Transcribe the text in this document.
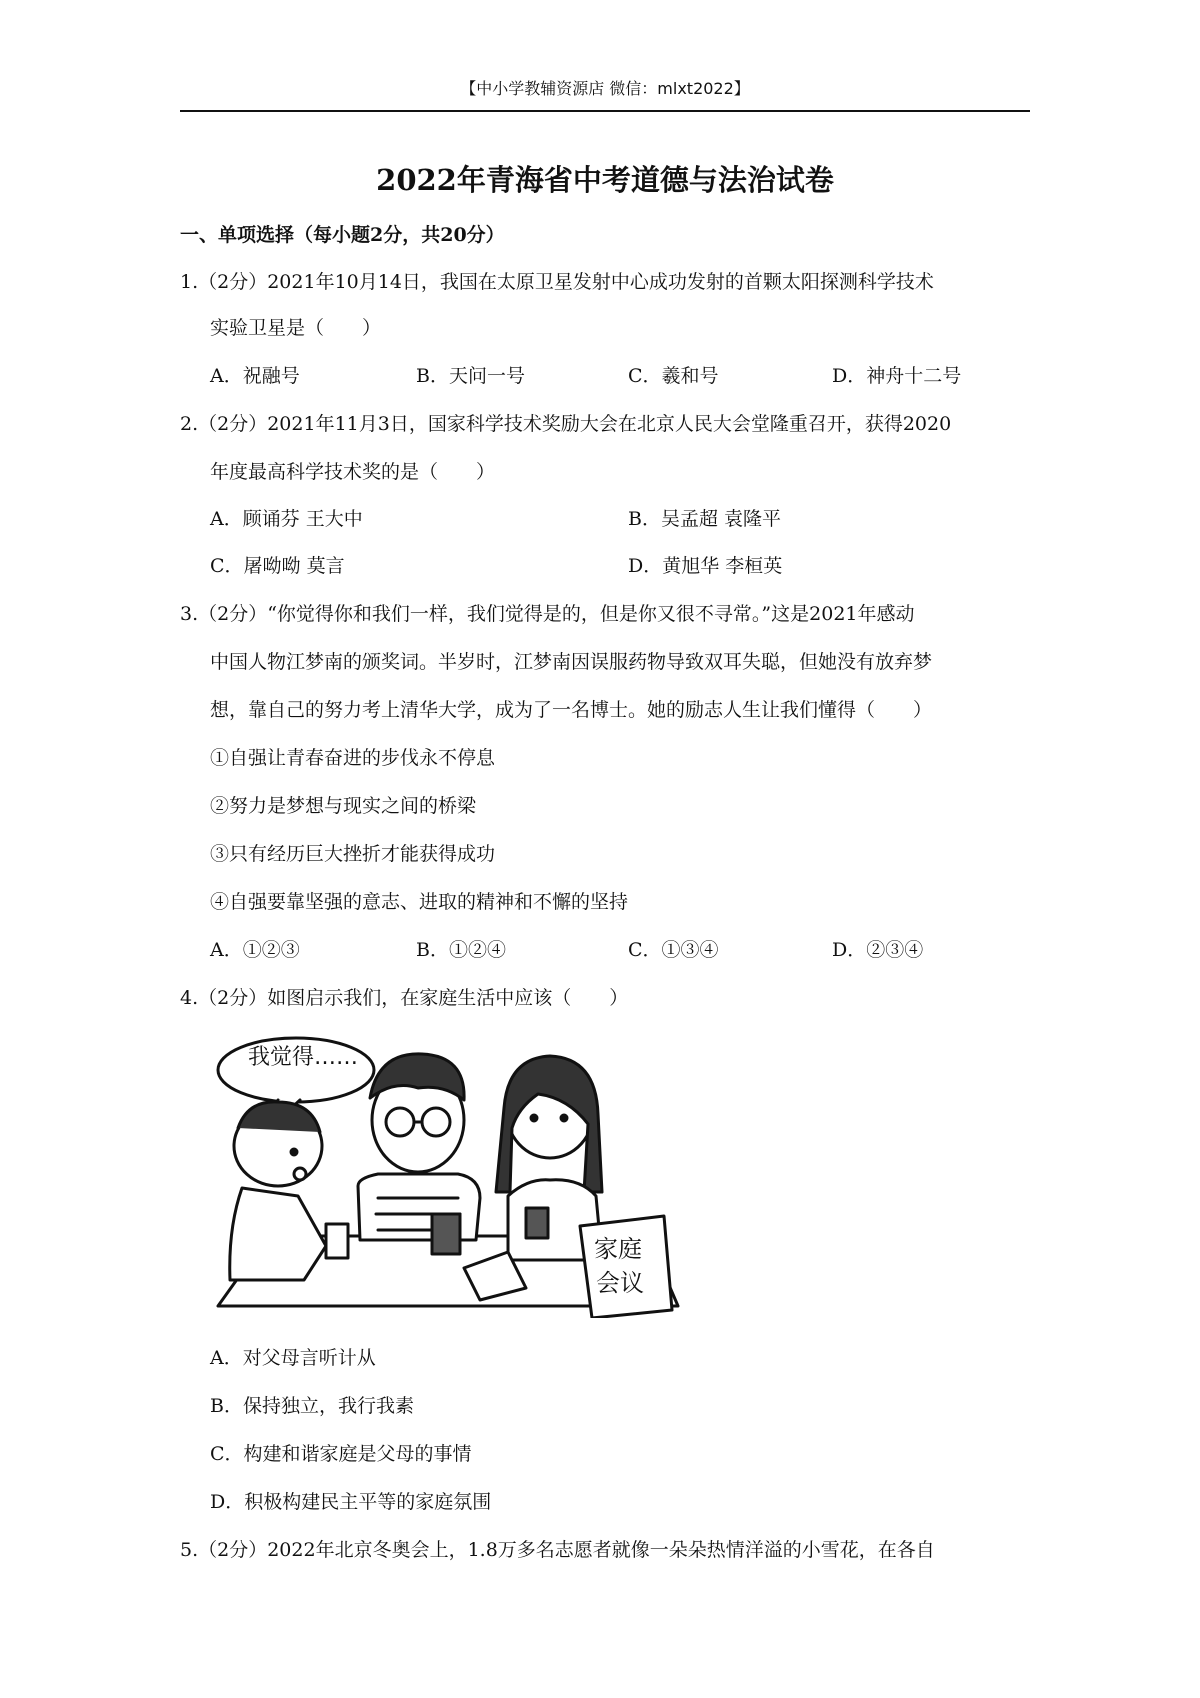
【中小学教辅资源店 微信：mlxt2022】
2022年青海省中考道德与法治试卷
一、单项选择（每小题2分，共20分）
1.（2分）2021年10月14日，我国在太原卫星发射中心成功发射的首颗太阳探测科学技术
实验卫星是（　　）
A．祝融号	B．天问一号	C．羲和号	D．神舟十二号
2.（2分）2021年11月3日，国家科学技术奖励大会在北京人民大会堂隆重召开，获得2020
年度最高科学技术奖的是（　　）
A．顾诵芬 王大中	B．吴孟超 袁隆平
C．屠呦呦 莫言	D．黄旭华 李桓英
3.（2分）“你觉得你和我们一样，我们觉得是的，但是你又很不寻常。”这是2021年感动
中国人物江梦南的颁奖词。半岁时，江梦南因误服药物导致双耳失聪，但她没有放弃梦
想，靠自己的努力考上清华大学，成为了一名博士。她的励志人生让我们懂得（　　）
①自强让青春奋进的步伐永不停息
②努力是梦想与现实之间的桥梁
③只有经历巨大挫折才能获得成功
④自强要靠坚强的意志、进取的精神和不懈的坚持
A．①②③	B．①②④	C．①③④	D．②③④
4.（2分）如图启示我们，在家庭生活中应该（　　）
我觉得……
家庭
会议
A．对父母言听计从
B．保持独立，我行我素
C．构建和谐家庭是父母的事情
D．积极构建民主平等的家庭氛围
5.（2分）2022年北京冬奥会上，1.8万多名志愿者就像一朵朵热情洋溢的小雪花，在各自
